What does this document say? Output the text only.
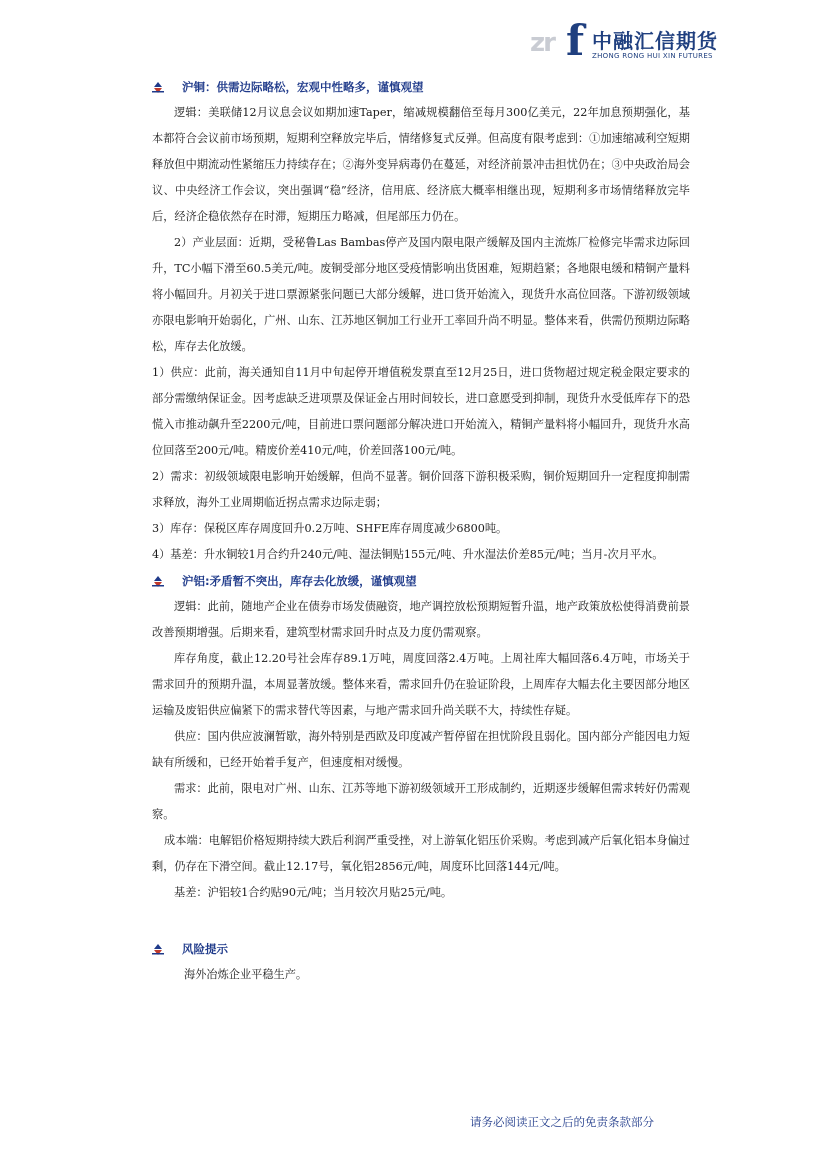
zr f 中融汇信期货
ZHONG RONG HUI XIN FUTURES
沪铜：供需边际略松，宏观中性略多，谨慎观望

逻辑：美联储12月议息会议如期加速Taper，缩减规模翻倍至每月300亿美元，22年加息预期强化，基本都符合会议前市场预期，短期利空释放完毕后，情绪修复式反弹。但高度有限考虑到：①加速缩减利空短期释放但中期流动性紧缩压力持续存在；②海外变异病毒仍在蔓延，对经济前景冲击担忧仍在；③中央政治局会议、中央经济工作会议，突出强调“稳”经济，信用底、经济底大概率相继出现，短期利多市场情绪释放完毕后，经济企稳依然存在时滞，短期压力略减，但尾部压力仍在。

2）产业层面：近期，受秘鲁Las Bambas停产及国内限电限产缓解及国内主流炼厂检修完毕需求边际回升，TC小幅下滑至60.5美元/吨。废铜受部分地区受疫情影响出货困难，短期趋紧；各地限电缓和精铜产量料将小幅回升。月初关于进口票源紧张问题已大部分缓解，进口货开始流入，现货升水高位回落。下游初级领域亦限电影响开始弱化，广州、山东、江苏地区铜加工行业开工率回升尚不明显。整体来看，供需仍预期边际略松，库存去化放缓。

1）供应：此前，海关通知自11月中旬起停开增值税发票直至12月25日，进口货物超过规定税金限定要求的部分需缴纳保证金。因考虑缺乏进项票及保证金占用时间较长，进口意愿受到抑制，现货升水受低库存下的恐慌入市推动飙升至2200元/吨，目前进口票问题部分解决进口开始流入，精铜产量料将小幅回升，现货升水高位回落至200元/吨。精废价差410元/吨，价差回落100元/吨。

2）需求：初级领域限电影响开始缓解，但尚不显著。铜价回落下游积极采购，铜价短期回升一定程度抑制需求释放，海外工业周期临近拐点需求边际走弱；

3）库存：保税区库存周度回升0.2万吨、SHFE库存周度减少6800吨。

4）基差：升水铜较1月合约升240元/吨、湿法铜贴155元/吨、升水湿法价差85元/吨；当月-次月平水。

沪铝:矛盾暂不突出，库存去化放缓，谨慎观望

逻辑：此前，随地产企业在债券市场发债融资，地产调控放松预期短暂升温，地产政策放松使得消费前景改善预期增强。后期来看，建筑型材需求回升时点及力度仍需观察。

库存角度，截止12.20号社会库存89.1万吨，周度回落2.4万吨。上周社库大幅回落6.4万吨，市场关于需求回升的预期升温，本周显著放缓。整体来看，需求回升仍在验证阶段，上周库存大幅去化主要因部分地区运输及废铝供应偏紧下的需求替代等因素，与地产需求回升尚关联不大，持续性存疑。

供应：国内供应波澜暂歇，海外特别是西欧及印度减产暂停留在担忧阶段且弱化。国内部分产能因电力短缺有所缓和，已经开始着手复产，但速度相对缓慢。

需求：此前，限电对广州、山东、江苏等地下游初级领域开工形成制约，近期逐步缓解但需求转好仍需观察。

成本端：电解铝价格短期持续大跌后利润严重受挫，对上游氧化铝压价采购。考虑到减产后氧化铝本身偏过剩，仍存在下滑空间。截止12.17号，氧化铝2856元/吨，周度环比回落144元/吨。

基差：沪铝较1合约贴90元/吨；当月较次月贴25元/吨。

风险提示

海外冶炼企业平稳生产。

请务必阅读正文之后的免责条款部分
